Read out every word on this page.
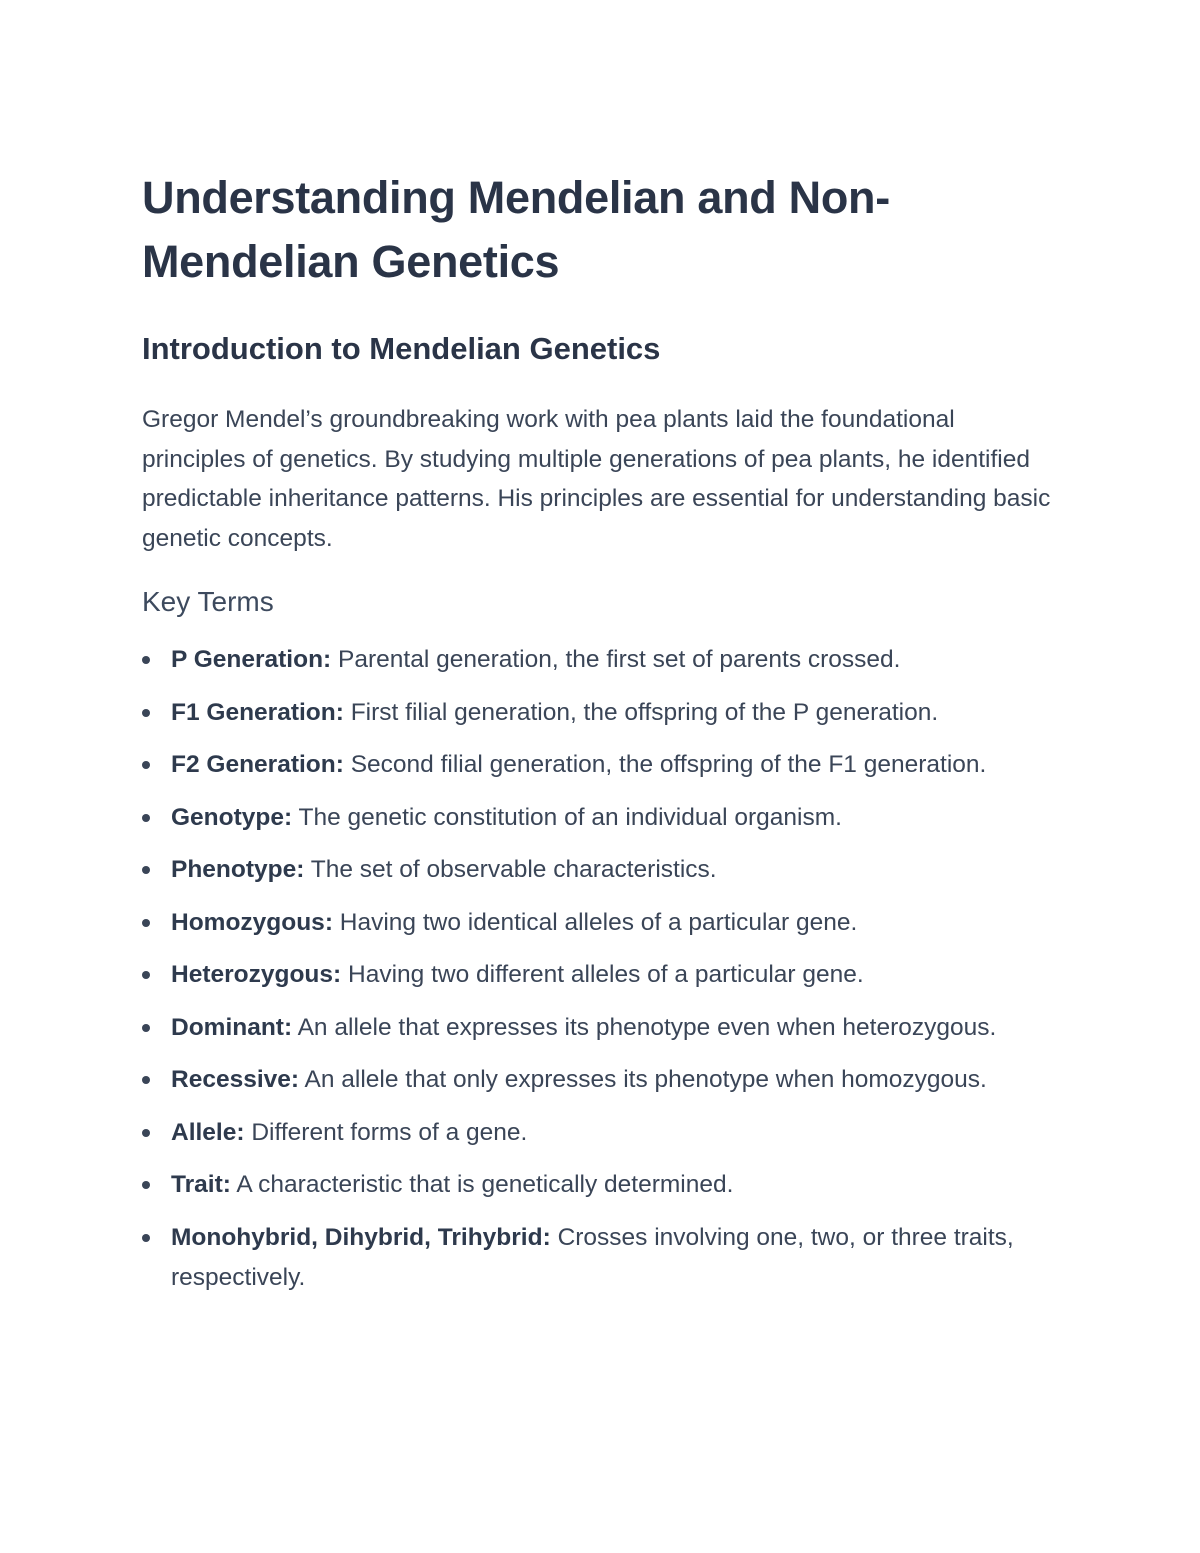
Understanding Mendelian and Non-Mendelian Genetics
Introduction to Mendelian Genetics

Gregor Mendel’s groundbreaking work with pea plants laid the foundational principles of genetics. By studying multiple generations of pea plants, he identified predictable inheritance patterns. His principles are essential for understanding basic genetic concepts.

Key Terms
P Generation: Parental generation, the first set of parents crossed.
F1 Generation: First filial generation, the offspring of the P generation.
F2 Generation: Second filial generation, the offspring of the F1 generation.
Genotype: The genetic constitution of an individual organism.
Phenotype: The set of observable characteristics.
Homozygous: Having two identical alleles of a particular gene.
Heterozygous: Having two different alleles of a particular gene.
Dominant: An allele that expresses its phenotype even when heterozygous.
Recessive: An allele that only expresses its phenotype when homozygous.
Allele: Different forms of a gene.
Trait: A characteristic that is genetically determined.
Monohybrid, Dihybrid, Trihybrid: Crosses involving one, two, or three traits, respectively.
